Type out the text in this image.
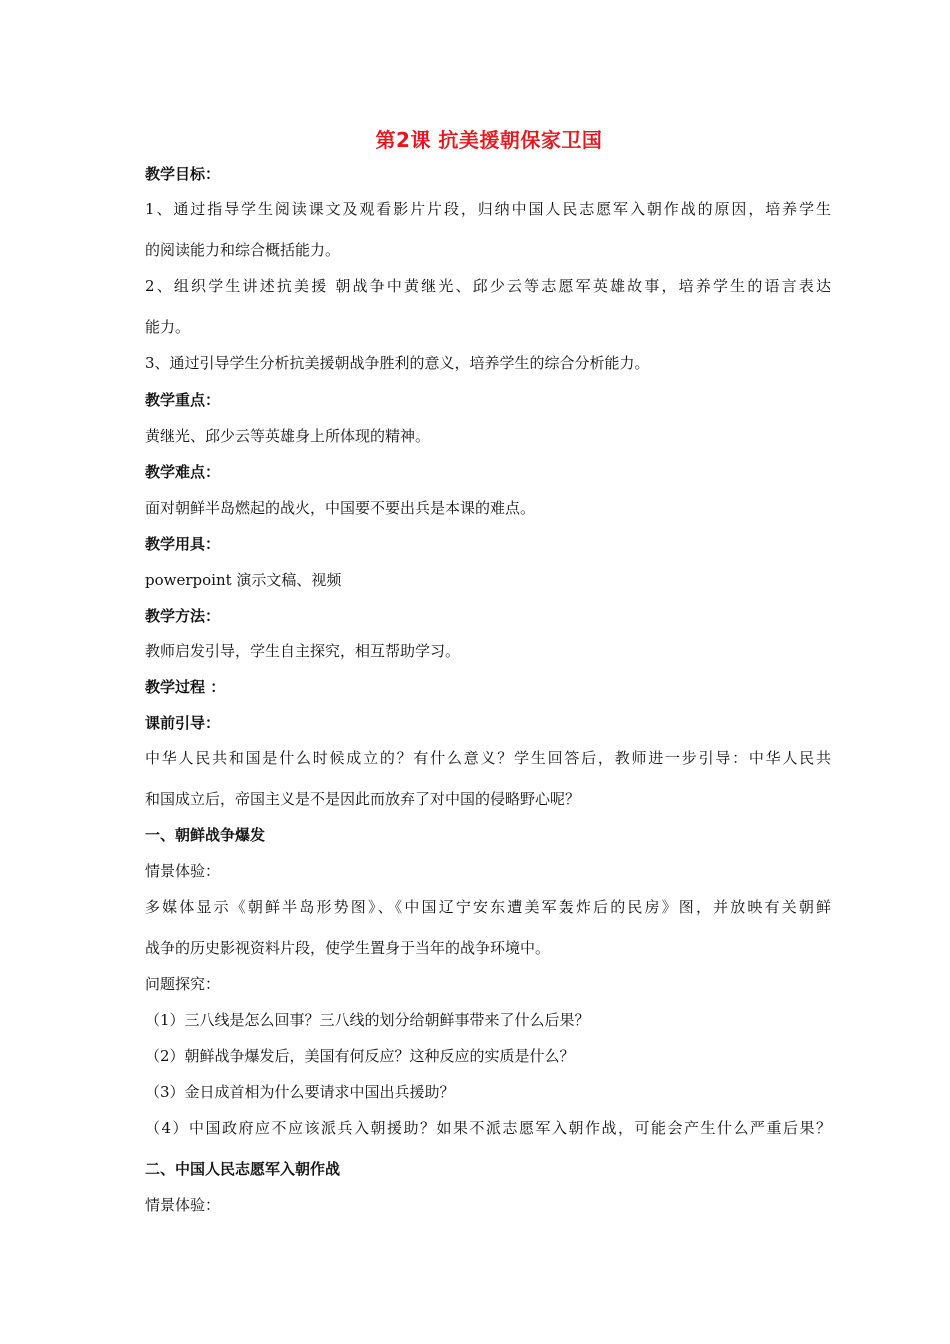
第2课 抗美援朝保家卫国
教学目标：
1、通过指导学生阅读课文及观看影片片段，归纳中国人民志愿军入朝作战的原因，培养学生
的阅读能力和综合概括能力。
2、组织学生讲述抗美援 朝战争中黄继光、邱少云等志愿军英雄故事，培养学生的语言表达
能力。
3、通过引导学生分析抗美援朝战争胜利的意义，培养学生的综合分析能力。
教学重点：
黄继光、邱少云等英雄身上所体现的精神。
教学难点：
面对朝鲜半岛燃起的战火，中国要不要出兵是本课的难点。
教学用具：
powerpoint 演示文稿、视频
教学方法：
教师启发引导，学生自主探究，相互帮助学习。
教学过程 ：
课前引导：
中华人民共和国是什么时候成立的？有什么意义？学生回答后，教师进一步引导：中华人民共
和国成立后，帝国主义是不是因此而放弃了对中国的侵略野心呢？
一、朝鲜战争爆发
情景体验：
多媒体显示《朝鲜半岛形势图》、《中国辽宁安东遭美军轰炸后的民房》图，并放映有关朝鲜
战争的历史影视资料片段，使学生置身于当年的战争环境中。
问题探究：
（1）三八线是怎么回事？三八线的划分给朝鲜事带来了什么后果？
（2）朝鲜战争爆发后，美国有何反应？这种反应的实质是什么？
（3）金日成首相为什么要请求中国出兵援助？
（4）中国政府应不应该派兵入朝援助？如果不派志愿军入朝作战，可能会产生什么严重后果？
二、中国人民志愿军入朝作战
情景体验：
